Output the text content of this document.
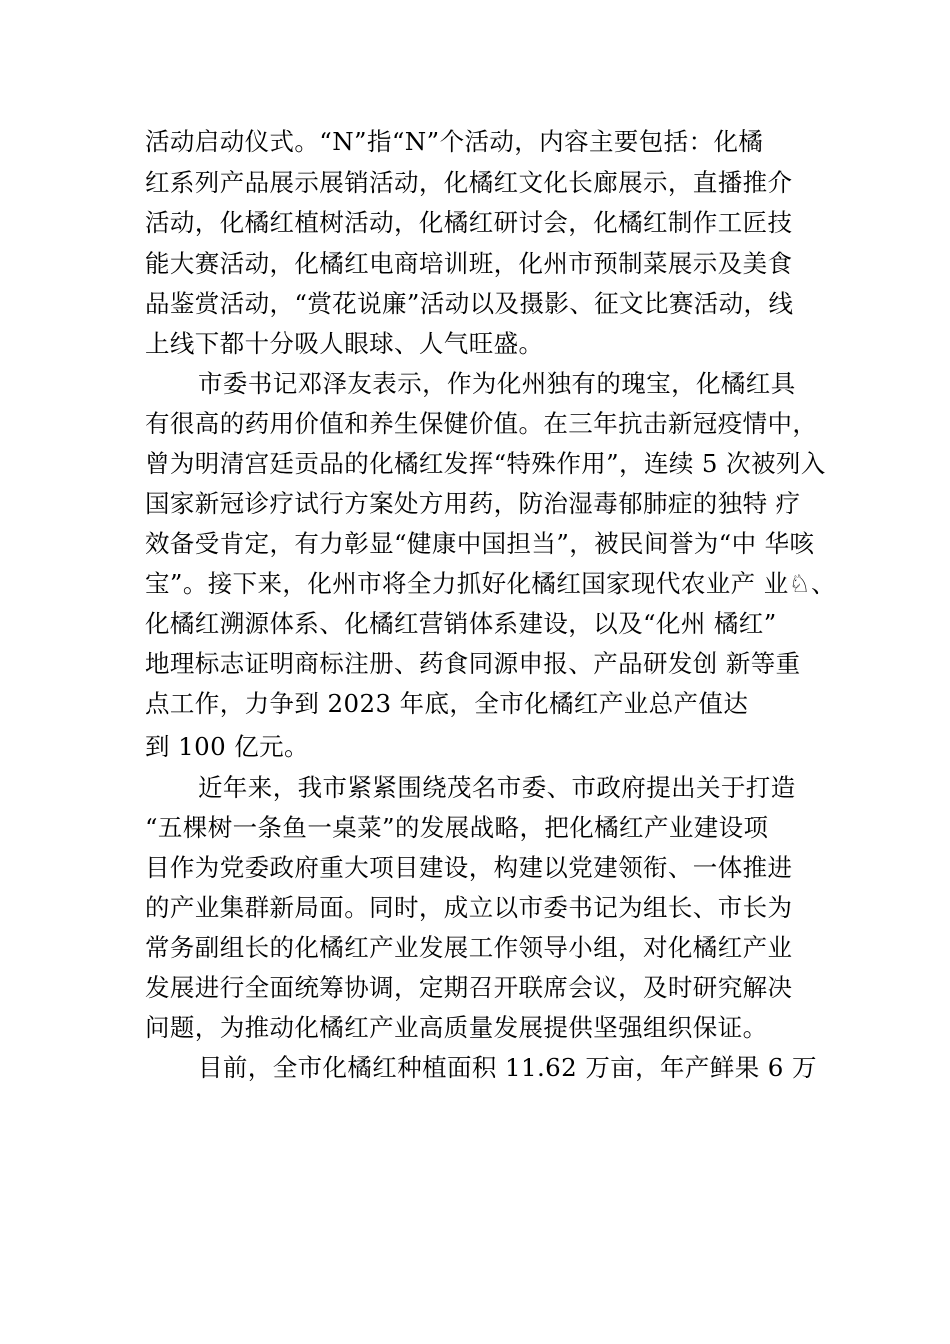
活动启动仪式。“N”指“N”个活动，内容主要包括：化橘
红系列产品展示展销活动，化橘红文化长廊展示，直播推介
活动，化橘红植树活动，化橘红研讨会，化橘红制作工匠技
能大赛活动，化橘红电商培训班，化州市预制菜展示及美食
品鉴赏活动，“赏花说廉”活动以及摄影、征文比赛活动，线
上线下都十分吸人眼球、人气旺盛。
市委书记邓泽友表示，作为化州独有的瑰宝，化橘红具
有很高的药用价值和养生保健价值。在三年抗击新冠疫情中，
曾为明清宫廷贡品的化橘红发挥“特殊作用”，连续 5 次被列入
国家新冠诊疗试行方案处方用药，防治湿毒郁肺症的独特 疗
效备受肯定，有力彰显“健康中国担当”，被民间誉为“中 华咳
宝”。接下来，化州市将全力抓好化橘红国家现代农业产 业♘、
化橘红溯源体系、化橘红营销体系建设，以及“化州 橘红”
地理标志证明商标注册、药食同源申报、产品研发创 新等重
点工作，力争到 2023 年底，全市化橘红产业总产值达
到 100 亿元。
近年来，我市紧紧围绕茂名市委、市政府提出关于打造
“五棵树一条鱼一桌菜”的发展战略，把化橘红产业建设项
目作为党委政府重大项目建设，构建以党建领衔、一体推进
的产业集群新局面。同时，成立以市委书记为组长、市长为
常务副组长的化橘红产业发展工作领导小组，对化橘红产业
发展进行全面统筹协调，定期召开联席会议，及时研究解决
问题，为推动化橘红产业高质量发展提供坚强组织保证。
目前，全市化橘红种植面积 11.62 万亩，年产鲜果 6 万
